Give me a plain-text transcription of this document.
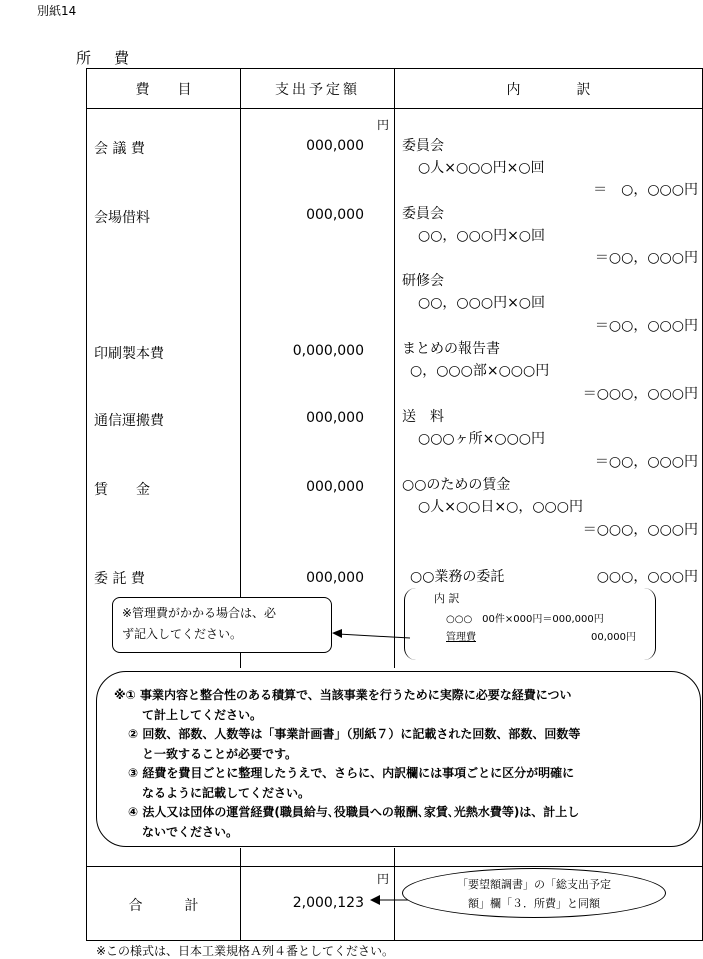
別紙14
所　費
費　　目	支出予定額	内　　　　訳
円
会 議 費	000,000	委員会
○人×○○○円×○回
＝　○，○○○円
会場借料	000,000	委員会
○○，○○○円×○回
＝○○，○○○円
研修会
○○，○○○円×○回
＝○○，○○○円
印刷製本費	0,000,000	まとめの報告書
○，○○○部×○○○円
＝○○○，○○○円
通信運搬費	000,000	送　料
○○○ヶ所×○○○円
＝○○，○○○円
賃　　金	000,000	○○のための賃金
○人×○○日×○，○○○円
＝○○○，○○○円
委 託 費	000,000	○○業務の委託	○○○，○○○円
内 訳
○○○　00件×000円＝000,000円
管理費	00,000円
※管理費がかかる場合は、必
ず記入してください。
※① 事業内容と整合性のある積算で、当該事業を行うために実際に必要な経費につい
て計上してください。
② 回数、部数、人数等は「事業計画書」（別紙７）に記載された回数、部数、回数等
と一致することが必要です。
③ 経費を費目ごとに整理したうえで、さらに、内訳欄には事項ごとに区分が明確に
なるように記載してください。
④ 法人又は団体の運営経費(職員給与､役職員への報酬､家賃､光熱水費等)は、計上し
ないでください。
円
合　　　計	2,000,123
「要望額調書」の「総支出予定
額」欄「３．所費」と同額
※この様式は、日本工業規格Ａ列４番としてください。
